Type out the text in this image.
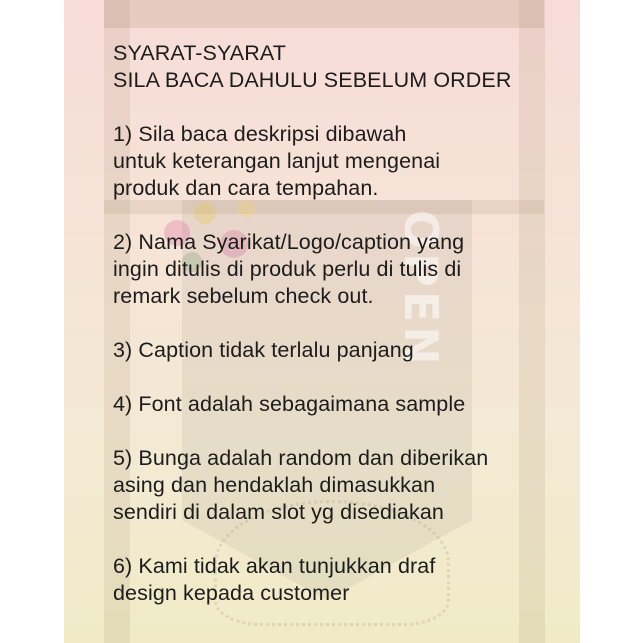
OPEN
SYARAT-SYARAT
SILA BACA DAHULU SEBELUM ORDER
1) Sila baca deskripsi dibawah
untuk keterangan lanjut mengenai
produk dan cara tempahan.
2) Nama Syarikat/Logo/caption yang
ingin ditulis di produk perlu di tulis di
remark sebelum check out.
3) Caption tidak terlalu panjang
4) Font adalah sebagaimana sample
5) Bunga adalah random dan diberikan
asing dan hendaklah dimasukkan
sendiri di dalam slot yg disediakan
6) Kami tidak akan tunjukkan draf
design kepada customer
